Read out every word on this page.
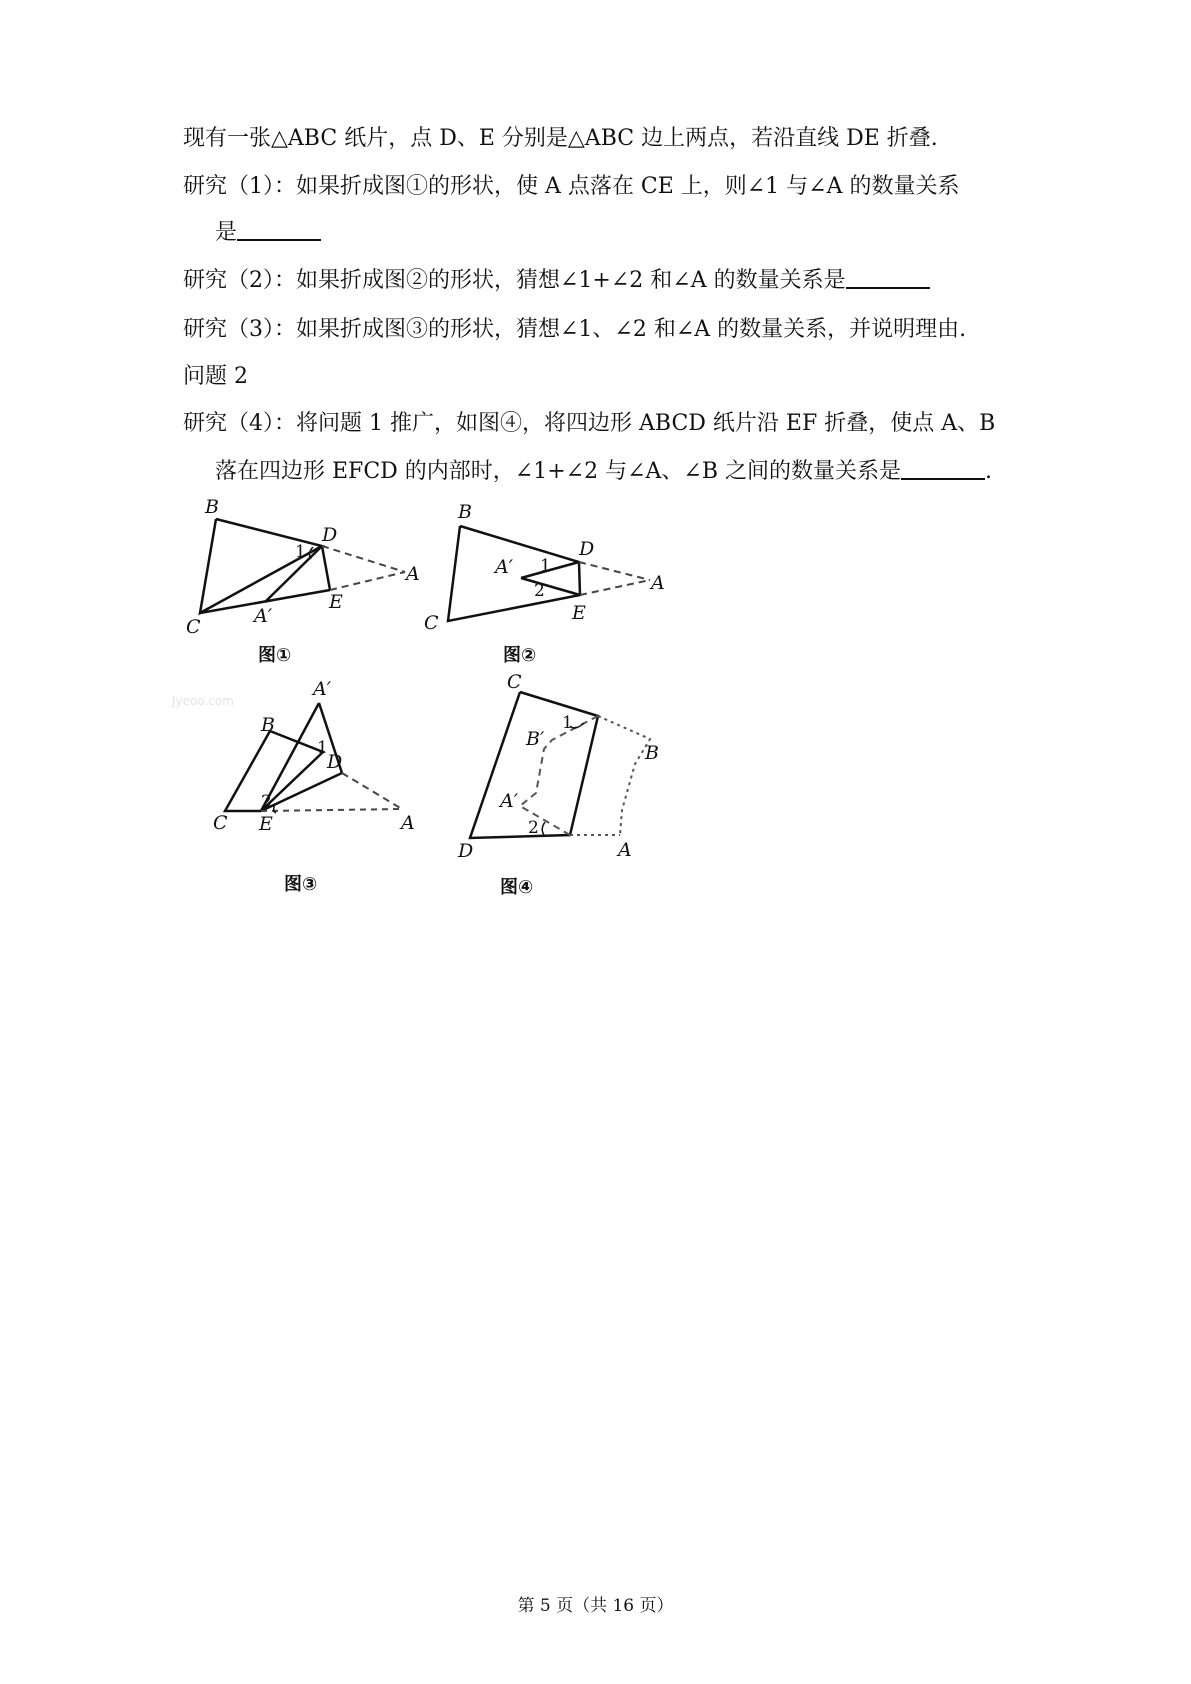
现有一张△ABC 纸片，点 D、E 分别是△ABC 边上两点，若沿直线 DE 折叠.
研究（1）：如果折成图①的形状，使 A 点落在 CE 上，则∠1 与∠A 的数量关系
是
研究（2）：如果折成图②的形状，猜想∠1+∠2 和∠A 的数量关系是
研究（3）：如果折成图③的形状，猜想∠1、∠2 和∠A 的数量关系，并说明理由.
问题 2
研究（4）：将问题 1 推广，如图④，将四边形 ABCD 纸片沿 EF 折叠，使点 A、B
落在四边形 EFCD 的内部时，∠1+∠2 与∠A、∠B 之间的数量关系是	.
B
C
D
E
A
A′
1
图①
B
C
D
E
A
A′ 1
2
图②
B
C
D
E	A
A′
1
2
Jyeoo.com
图③
C
D	A
B
A′
B′
1
2
图④
第 5 页（共 16 页）
